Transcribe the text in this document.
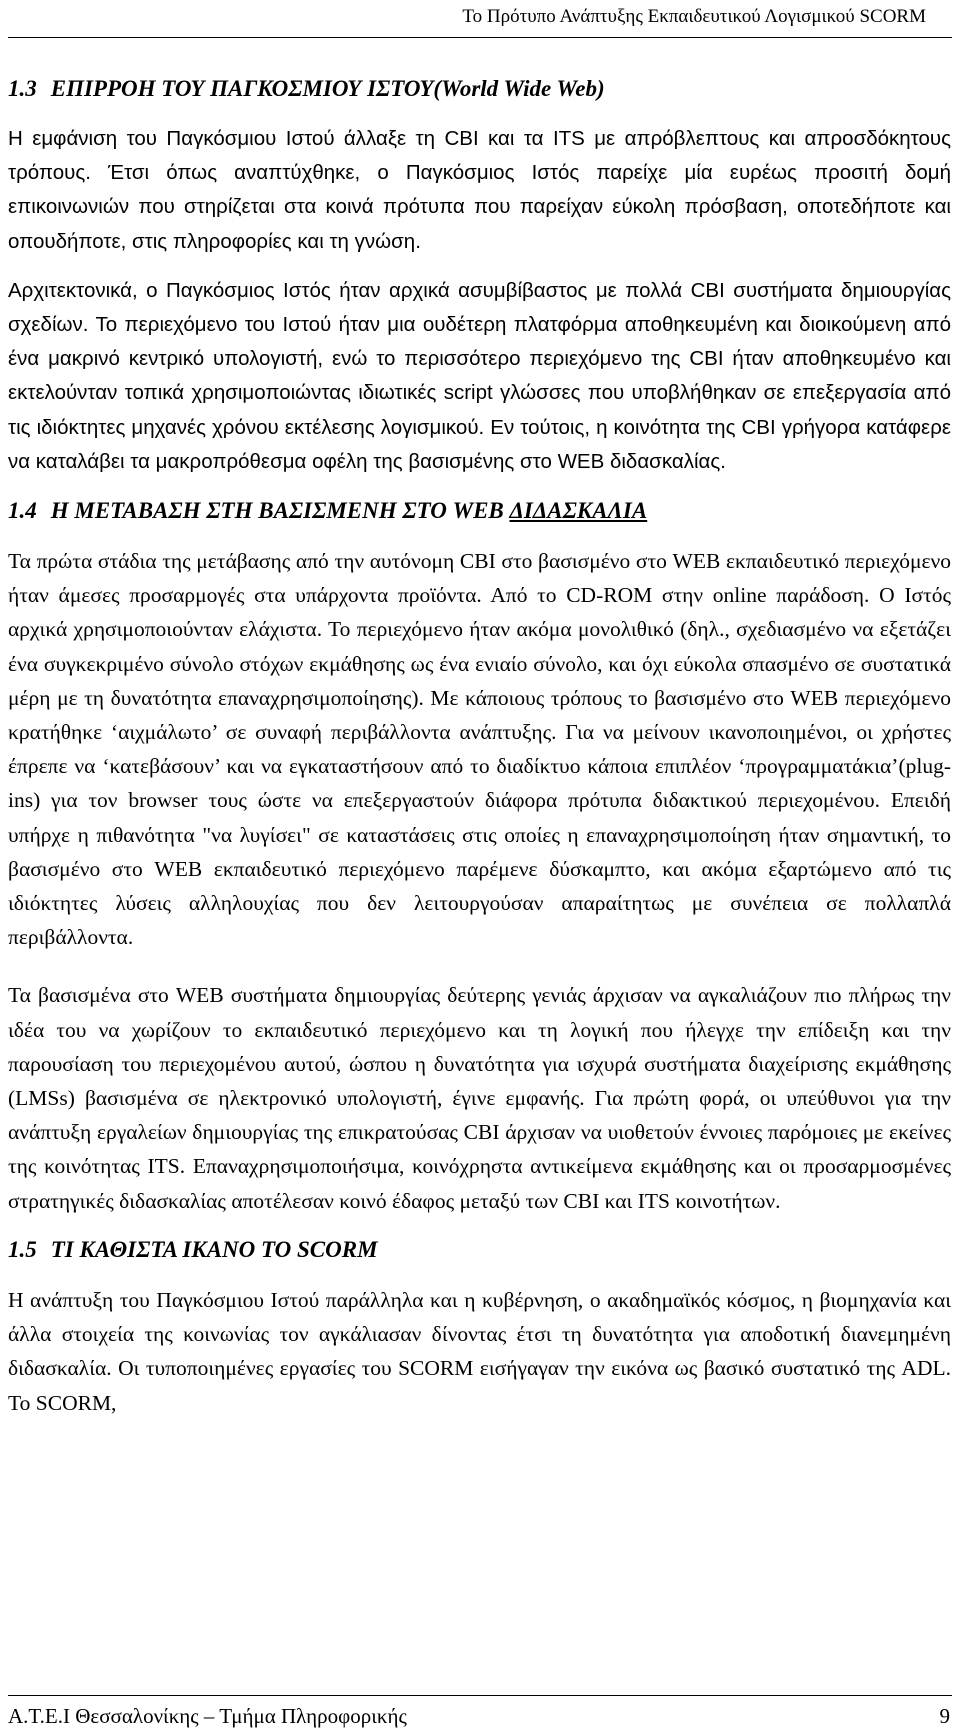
Το Πρότυπο Ανάπτυξης Εκπαιδευτικού Λογισμικού SCORM
1.3 ΕΠΙΡΡΟΗ ΤΟΥ ΠΑΓΚΟΣΜΙΟΥ ΙΣΤΟΥ(World Wide Web)

Η εμφάνιση του Παγκόσμιου Ιστού άλλαξε τη CBI και τα ITS με απρόβλεπτους και απροσδόκητους τρόπους. Έτσι όπως αναπτύχθηκε, ο Παγκόσμιος Ιστός παρείχε μία ευρέως προσιτή δομή επικοινωνιών που στηρίζεται στα κοινά πρότυπα που παρείχαν εύκολη πρόσβαση, οποτεδήποτε και οπουδήποτε, στις πληροφορίες και τη γνώση.

Αρχιτεκτονικά, ο Παγκόσμιος Ιστός ήταν αρχικά ασυμβίβαστος με πολλά CBI συστήματα δημιουργίας σχεδίων. Το περιεχόμενο του Ιστού ήταν μια ουδέτερη πλατφόρμα αποθηκευμένη και διοικούμενη από ένα μακρινό κεντρικό υπολογιστή, ενώ το περισσότερο περιεχόμενο της CBI ήταν αποθηκευμένο και εκτελούνταν τοπικά χρησιμοποιώντας ιδιωτικές script γλώσσες που υποβλήθηκαν σε επεξεργασία από τις ιδιόκτητες μηχανές χρόνου εκτέλεσης λογισμικού. Εν τούτοις, η κοινότητα της CBI γρήγορα κατάφερε να καταλάβει τα μακροπρόθεσμα οφέλη της βασισμένης στο WEB διδασκαλίας.

1.4 Η ΜΕΤΑΒΑΣΗ ΣΤΗ ΒΑΣΙΣΜΕΝΗ ΣΤΟ WEB ΔΙΔΑΣΚΑΛΙΑ

Τα πρώτα στάδια της μετάβασης από την αυτόνομη CBI στο βασισμένο στο WEB εκπαιδευτικό περιεχόμενο ήταν άμεσες προσαρμογές στα υπάρχοντα προϊόντα. Από το CD-ROM στην online παράδοση. Ο Ιστός αρχικά χρησιμοποιούνταν ελάχιστα. Το περιεχόμενο ήταν ακόμα μονολιθικό (δηλ., σχεδιασμένο να εξετάζει ένα συγκεκριμένο σύνολο στόχων εκμάθησης ως ένα ενιαίο σύνολο, και όχι εύκολα σπασμένο σε συστατικά μέρη με τη δυνατότητα επαναχρησιμοποίησης). Με κάποιους τρόπους το βασισμένο στο WEB περιεχόμενο κρατήθηκε ‘αιχμάλωτο’ σε συναφή περιβάλλοντα ανάπτυξης. Για να μείνουν ικανοποιημένοι, οι χρήστες έπρεπε να ‘κατεβάσουν’ και να εγκαταστήσουν από το διαδίκτυο κάποια επιπλέον ‘προγραμματάκια’(plug-ins) για τον browser τους ώστε να επεξεργαστούν διάφορα πρότυπα διδακτικού περιεχομένου. Επειδή υπήρχε η πιθανότητα "να λυγίσει" σε καταστάσεις στις οποίες η επαναχρησιμοποίηση ήταν σημαντική, το βασισμένο στο WEB εκπαιδευτικό περιεχόμενο παρέμενε δύσκαμπτο, και ακόμα εξαρτώμενο από τις ιδιόκτητες λύσεις αλληλουχίας που δεν λειτουργούσαν απαραίτητως με συνέπεια σε πολλαπλά περιβάλλοντα.

Τα βασισμένα στο WEB συστήματα δημιουργίας δεύτερης γενιάς άρχισαν να αγκαλιάζουν πιο πλήρως την ιδέα του να χωρίζουν το εκπαιδευτικό περιεχόμενο και τη λογική που ήλεγχε την επίδειξη και την παρουσίαση του περιεχομένου αυτού, ώσπου η δυνατότητα για ισχυρά συστήματα διαχείρισης εκμάθησης (LMSs) βασισμένα σε ηλεκτρονικό υπολογιστή, έγινε εμφανής. Για πρώτη φορά, οι υπεύθυνοι για την ανάπτυξη εργαλείων δημιουργίας της επικρατούσας CBI άρχισαν να υιοθετούν έννοιες παρόμοιες με εκείνες της κοινότητας ITS. Επαναχρησιμοποιήσιμα, κοινόχρηστα αντικείμενα εκμάθησης και οι προσαρμοσμένες στρατηγικές διδασκαλίας αποτέλεσαν κοινό έδαφος μεταξύ των CBI και ITS κοινοτήτων.

1.5 ΤΙ ΚΑΘΙΣΤΑ ΙΚΑΝΟ ΤΟ SCORM

Η ανάπτυξη του Παγκόσμιου Ιστού παράλληλα και η κυβέρνηση, ο ακαδημαϊκός κόσμος, η βιομηχανία και άλλα στοιχεία της κοινωνίας τον αγκάλιασαν δίνοντας έτσι τη δυνατότητα για αποδοτική διανεμημένη διδασκαλία. Οι τυποποιημένες εργασίες του SCORM εισήγαγαν την εικόνα ως βασικό συστατικό της ADL. Το SCORM,

Α.Τ.Ε.Ι Θεσσαλονίκης – Τμήμα Πληροφορικής	9
